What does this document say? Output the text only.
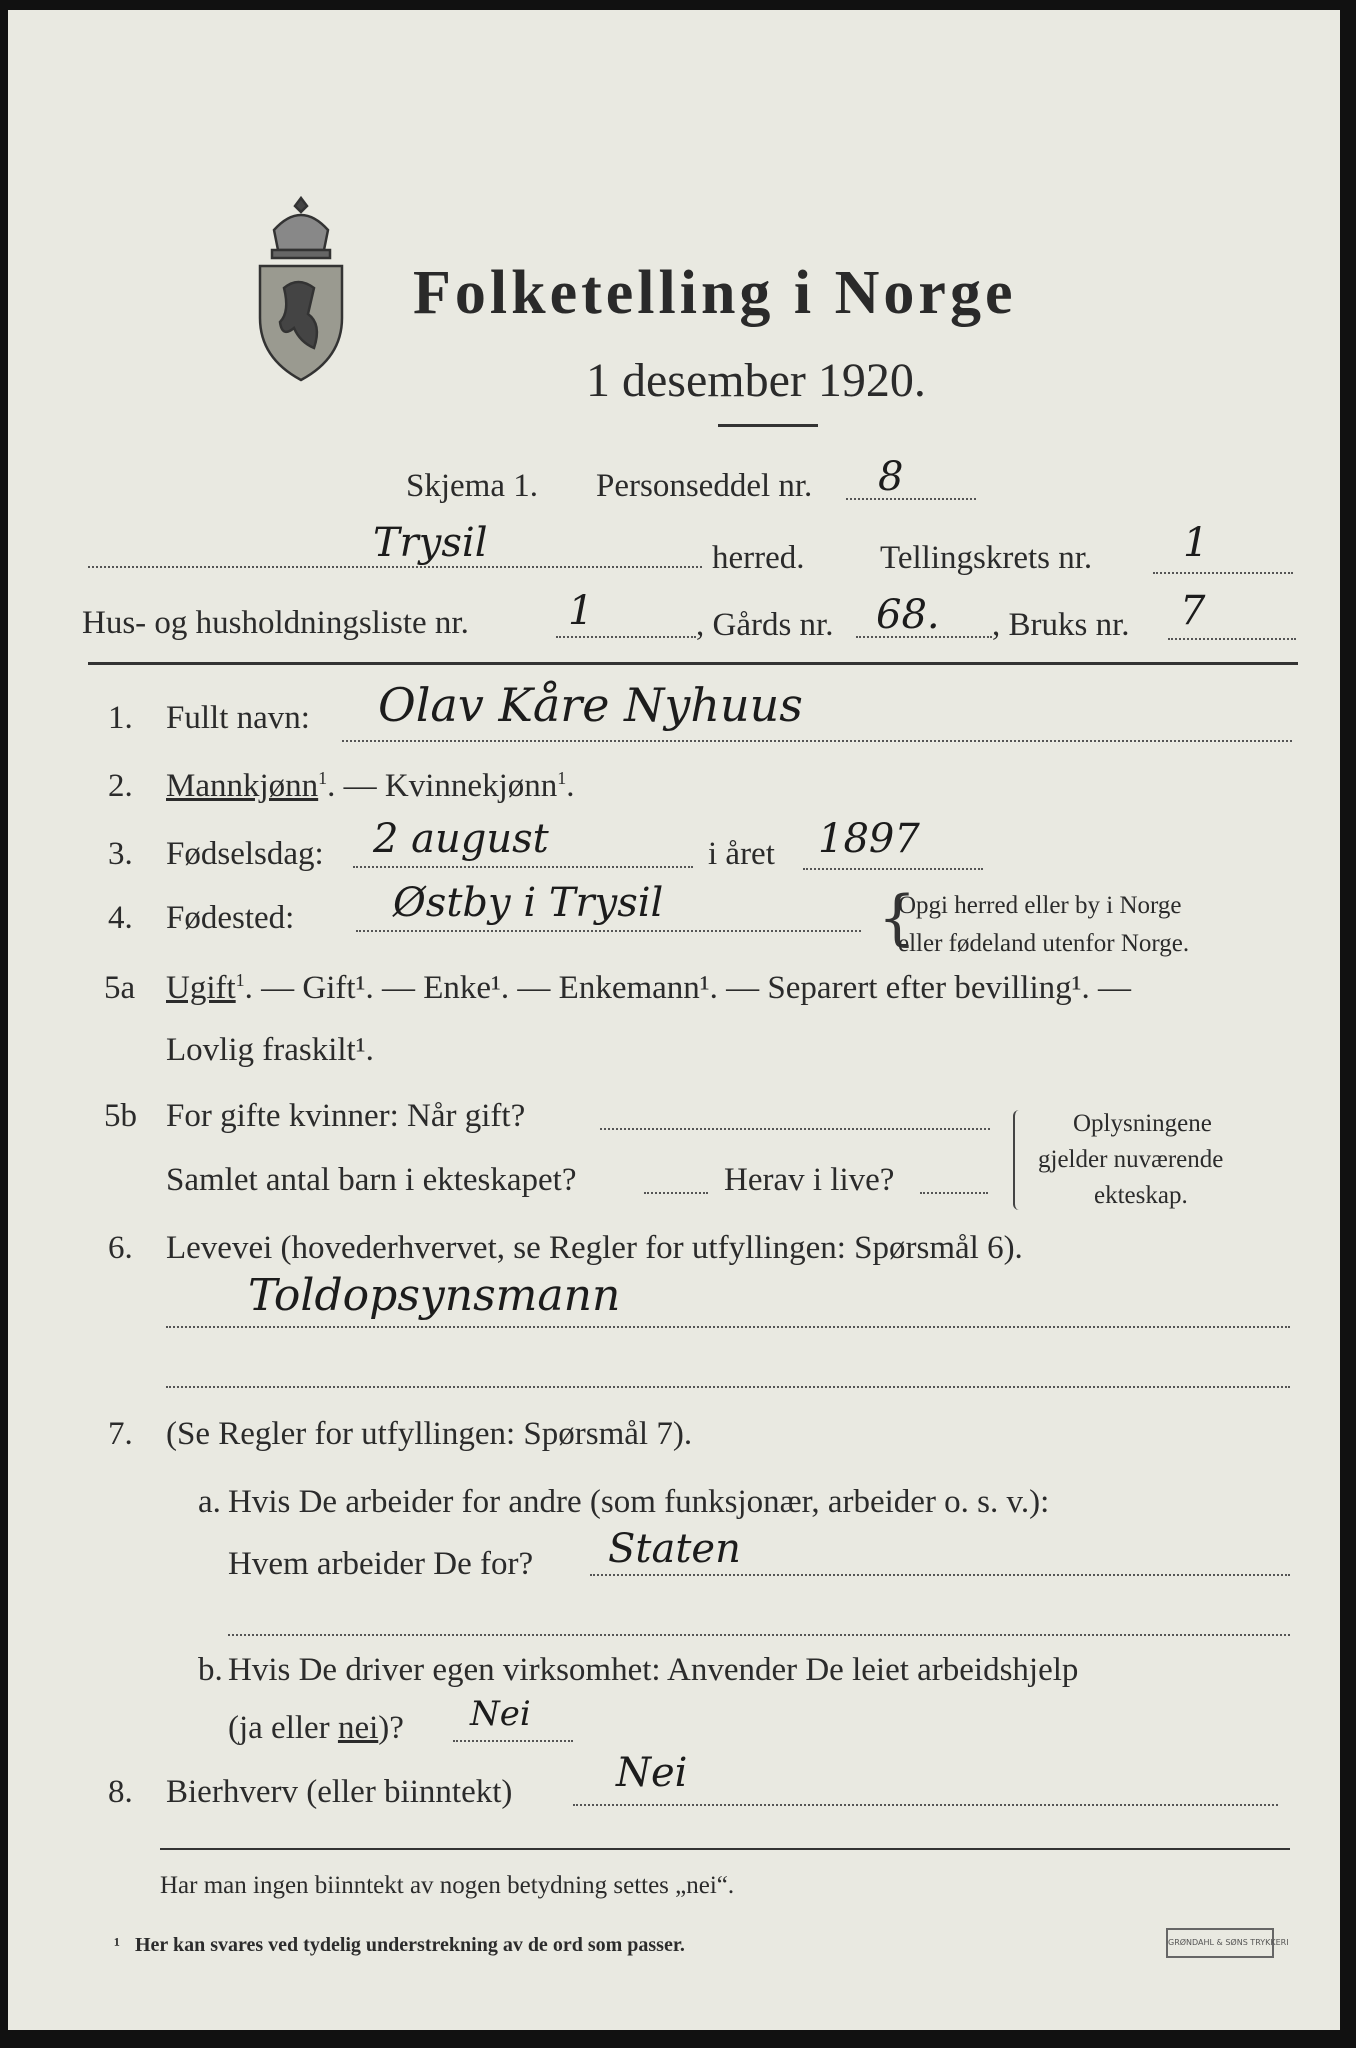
Folketelling i Norge
1 desember 1920.
Skjema 1. Personseddel nr. 8
Trysil	herred. Tellingskrets nr. 1
Hus- og husholdningsliste nr. 1	, Gårds nr. 68. , Bruks nr. 7
1. Fullt navn: Olav Kåre Nyhuus
2. Mannkjønn$^1$. — Kvinnekjønn$^1$.
3. Fødselsdag: 2 august	i året 1897
4. Fødested: Østby i Trysil	{
Opgi herred eller by i Norge
eller fødeland utenfor Norge.
5a Ugift$^1$. — Gift¹. — Enke¹. — Enkemann¹. — Separert efter bevilling¹. —
Lovlig fraskilt¹.
5b For gifte kvinner: Når gift?
Samlet antal barn i ekteskapet?	Herav i live?
Oplysningene
gjelder nuværende
ekteskap.
6. Levevei (hovederhvervet, se Regler for utfyllingen: Spørsmål 6).
Toldopsynsmann
7. (Se Regler for utfyllingen: Spørsmål 7).
a. Hvis De arbeider for andre (som funksjonær, arbeider o. s. v.):
Hvem arbeider De for? Staten
b. Hvis De driver egen virksomhet: Anvender De leiet arbeidshjelp
(ja eller nei)? Nei
8. Bierhverv (eller biinntekt)	Nei
Har man ingen biinntekt av nogen betydning settes „nei“.
¹ Her kan svares ved tydelig understrekning av de ord som passer.	GRØNDAHL & SØNS TRYKKERI
